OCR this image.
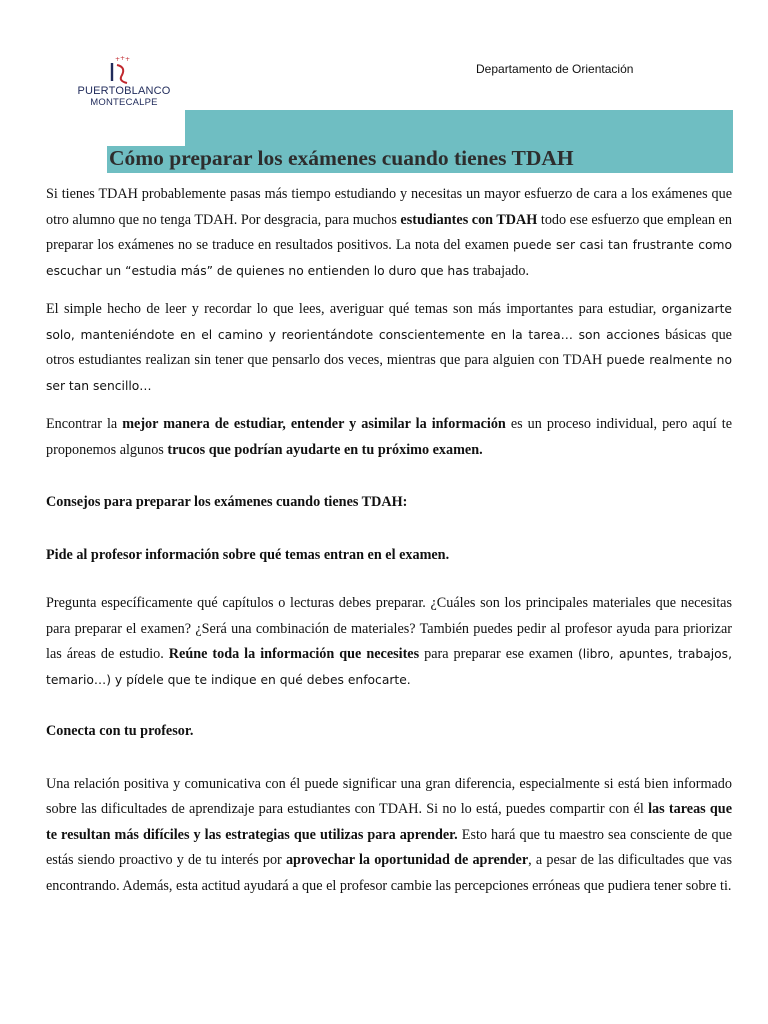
+ + +
PUERTOBLANCO
MONTECALPE
Departamento de Orientación
Cómo preparar los exámenes cuando tienes TDAH

Si tienes TDAH probablemente pasas más tiempo estudiando y necesitas un mayor esfuerzo de cara a los exámenes que otro alumno que no tenga TDAH. Por desgracia, para muchos estudiantes con TDAH todo ese esfuerzo que emplean en preparar los exámenes no se traduce en resultados positivos. La nota del examen puede ser casi tan frustrante como escuchar un “estudia más” de quienes no entienden lo duro que has trabajado.

El simple hecho de leer y recordar lo que lees, averiguar qué temas son más importantes para estudiar, organizarte solo, manteniéndote en el camino y reorientándote conscientemente en la tarea… son acciones básicas que otros estudiantes realizan sin tener que pensarlo dos veces, mientras que para alguien con TDAH puede realmente no ser tan sencillo…

Encontrar la mejor manera de estudiar, entender y asimilar la información es un proceso individual, pero aquí te proponemos algunos trucos que podrían ayudarte en tu próximo examen.

Consejos para preparar los exámenes cuando tienes TDAH:

Pide al profesor información sobre qué temas entran en el examen.

Pregunta específicamente qué capítulos o lecturas debes preparar. ¿Cuáles son los principales materiales que necesitas para preparar el examen? ¿Será una combinación de materiales? También puedes pedir al profesor ayuda para priorizar las áreas de estudio. Reúne toda la información que necesites para preparar ese examen (libro, apuntes, trabajos, temario…) y pídele que te indique en qué debes enfocarte.

Conecta con tu profesor.

Una relación positiva y comunicativa con él puede significar una gran diferencia, especialmente si está bien informado sobre las dificultades de aprendizaje para estudiantes con TDAH. Si no lo está, puedes compartir con él las tareas que te resultan más difíciles y las estrategias que utilizas para aprender. Esto hará que tu maestro sea consciente de que estás siendo proactivo y de tu interés por aprovechar la oportunidad de aprender, a pesar de las dificultades que vas encontrando. Además, esta actitud ayudará a que el profesor cambie las percepciones erróneas que pudiera tener sobre ti.
